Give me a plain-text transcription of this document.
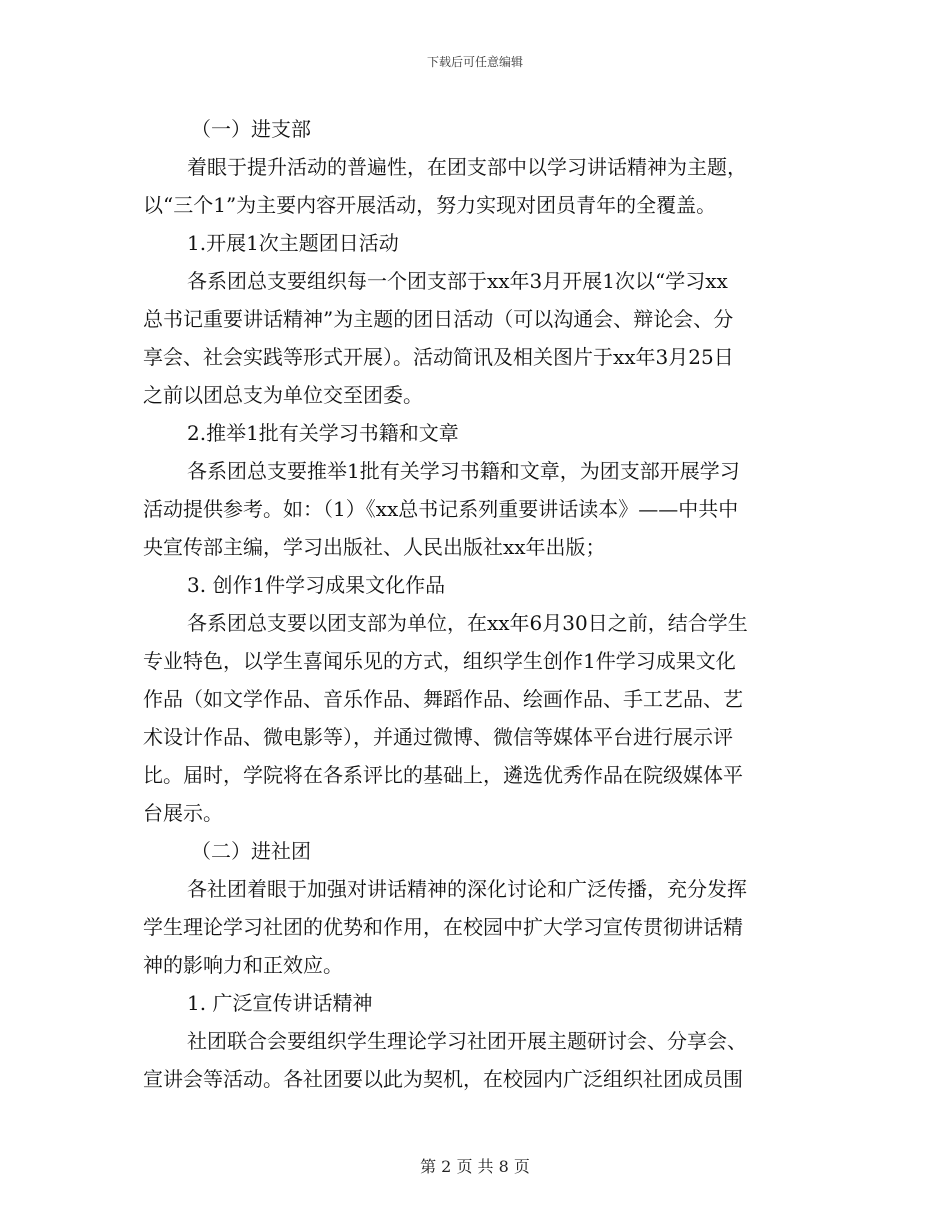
下载后可任意编辑
（一）进支部
着眼于提升活动的普遍性，在团支部中以学习讲话精神为主题，
以“三个1”为主要内容开展活动，努力实现对团员青年的全覆盖。
1.开展1次主题团日活动
各系团总支要组织每一个团支部于xx年3月开展1次以“学习xx
总书记重要讲话精神”为主题的团日活动（可以沟通会、辩论会、分
享会、社会实践等形式开展）。活动简讯及相关图片于xx年3月25日
之前以团总支为单位交至团委。
2.推举1批有关学习书籍和文章
各系团总支要推举1批有关学习书籍和文章，为团支部开展学习
活动提供参考。如：（1）《xx总书记系列重要讲话读本》——中共中
央宣传部主编，学习出版社、人民出版社xx年出版；
3. 创作1件学习成果文化作品
各系团总支要以团支部为单位，在xx年6月30日之前，结合学生
专业特色，以学生喜闻乐见的方式，组织学生创作1件学习成果文化
作品（如文学作品、音乐作品、舞蹈作品、绘画作品、手工艺品、艺
术设计作品、微电影等），并通过微博、微信等媒体平台进行展示评
比。届时，学院将在各系评比的基础上，遴选优秀作品在院级媒体平
台展示。
（二）进社团
各社团着眼于加强对讲话精神的深化讨论和广泛传播，充分发挥
学生理论学习社团的优势和作用，在校园中扩大学习宣传贯彻讲话精
神的影响力和正效应。
1. 广泛宣传讲话精神
社团联合会要组织学生理论学习社团开展主题研讨会、分享会、
宣讲会等活动。各社团要以此为契机，在校园内广泛组织社团成员围
第 2 页 共 8 页
